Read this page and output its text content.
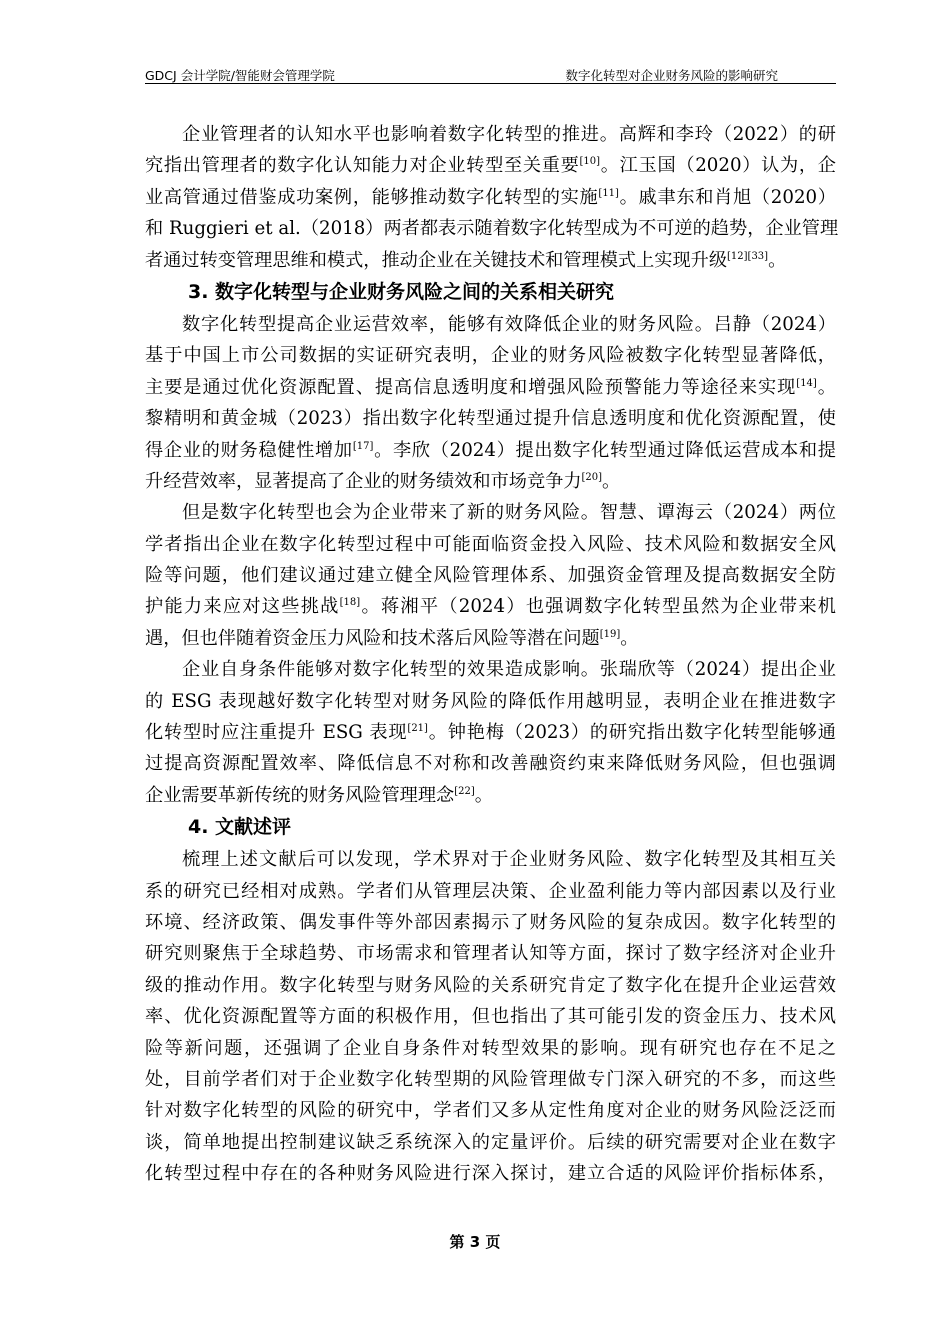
GDCJ 会计学院/智能财会管理学院	数字化转型对企业财务风险的影响研究
企业管理者的认知水平也影响着数字化转型的推进。高辉和李玲（2022）的研
究指出管理者的数字化认知能力对企业转型至关重要[10]。江玉国（2020）认为，企
业高管通过借鉴成功案例，能够推动数字化转型的实施[11]。戚聿东和肖旭（2020）
和 Ruggieri et al.（2018）两者都表示随着数字化转型成为不可逆的趋势，企业管理
者通过转变管理思维和模式，推动企业在关键技术和管理模式上实现升级[12][33]。
3. 数字化转型与企业财务风险之间的关系相关研究
数字化转型提高企业运营效率，能够有效降低企业的财务风险。吕静（2024）
基于中国上市公司数据的实证研究表明，企业的财务风险被数字化转型显著降低，
主要是通过优化资源配置、提高信息透明度和增强风险预警能力等途径来实现[14]。
黎精明和黄金城（2023）指出数字化转型通过提升信息透明度和优化资源配置，使
得企业的财务稳健性增加[17]。李欣（2024）提出数字化转型通过降低运营成本和提
升经营效率，显著提高了企业的财务绩效和市场竞争力[20]。
但是数字化转型也会为企业带来了新的财务风险。智慧、谭海云（2024）两位
学者指出企业在数字化转型过程中可能面临资金投入风险、技术风险和数据安全风
险等问题，他们建议通过建立健全风险管理体系、加强资金管理及提高数据安全防
护能力来应对这些挑战[18]。蒋湘平（2024）也强调数字化转型虽然为企业带来机
遇，但也伴随着资金压力风险和技术落后风险等潜在问题[19]。
企业自身条件能够对数字化转型的效果造成影响。张瑞欣等（2024）提出企业
的 ESG 表现越好数字化转型对财务风险的降低作用越明显，表明企业在推进数字
化转型时应注重提升 ESG 表现[21]。钟艳梅（2023）的研究指出数字化转型能够通
过提高资源配置效率、降低信息不对称和改善融资约束来降低财务风险，但也强调
企业需要革新传统的财务风险管理理念[22]。
4. 文献述评
梳理上述文献后可以发现，学术界对于企业财务风险、数字化转型及其相互关
系的研究已经相对成熟。学者们从管理层决策、企业盈利能力等内部因素以及行业
环境、经济政策、偶发事件等外部因素揭示了财务风险的复杂成因。数字化转型的
研究则聚焦于全球趋势、市场需求和管理者认知等方面，探讨了数字经济对企业升
级的推动作用。数字化转型与财务风险的关系研究肯定了数字化在提升企业运营效
率、优化资源配置等方面的积极作用，但也指出了其可能引发的资金压力、技术风
险等新问题，还强调了企业自身条件对转型效果的影响。现有研究也存在不足之
处，目前学者们对于企业数字化转型期的风险管理做专门深入研究的不多，而这些
针对数字化转型的风险的研究中，学者们又多从定性角度对企业的财务风险泛泛而
谈，简单地提出控制建议缺乏系统深入的定量评价。后续的研究需要对企业在数字
化转型过程中存在的各种财务风险进行深入探讨，建立合适的风险评价指标体系，
第 3 页
